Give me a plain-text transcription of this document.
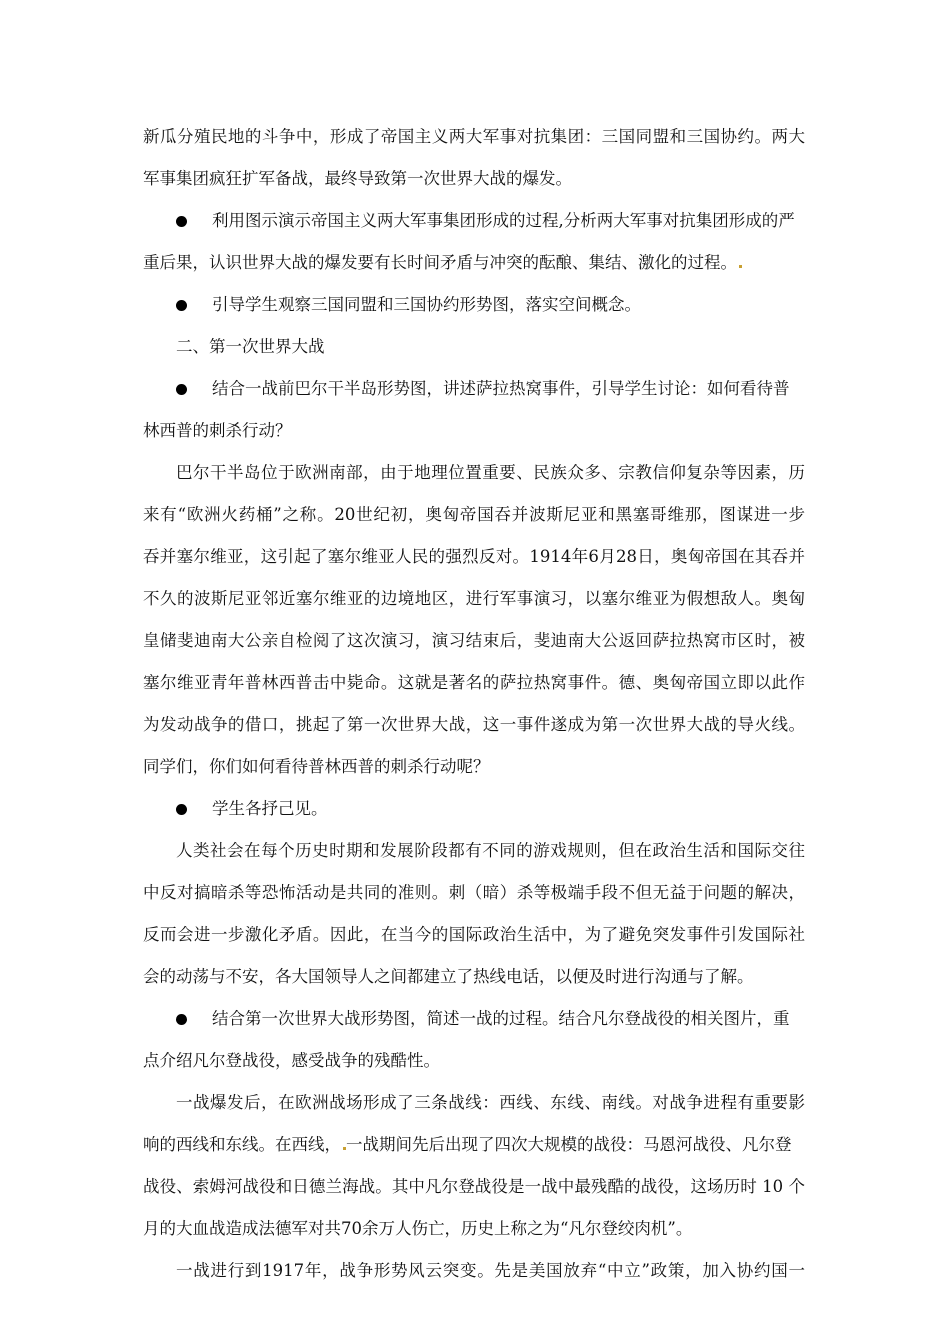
新瓜分殖民地的斗争中，形成了帝国主义两大军事对抗集团：三国同盟和三国协约。两大
军事集团疯狂扩军备战，最终导致第一次世界大战的爆发。
利用图示演示帝国主义两大军事集团形成的过程,分析两大军事对抗集团形成的严
重后果，认识世界大战的爆发要有长时间矛盾与冲突的酝酿、集结、激化的过程。
引导学生观察三国同盟和三国协约形势图，落实空间概念。
二、第一次世界大战
结合一战前巴尔干半岛形势图，讲述萨拉热窝事件，引导学生讨论：如何看待普
林西普的刺杀行动？
巴尔干半岛位于欧洲南部，由于地理位置重要、民族众多、宗教信仰复杂等因素，历
来有“欧洲火药桶”之称。20世纪初，奥匈帝国吞并波斯尼亚和黑塞哥维那，图谋进一步
吞并塞尔维亚，这引起了塞尔维亚人民的强烈反对。1914年6月28日，奥匈帝国在其吞并
不久的波斯尼亚邻近塞尔维亚的边境地区，进行军事演习，以塞尔维亚为假想敌人。奥匈
皇储斐迪南大公亲自检阅了这次演习，演习结束后，斐迪南大公返回萨拉热窝市区时，被
塞尔维亚青年普林西普击中毙命。这就是著名的萨拉热窝事件。德、奥匈帝国立即以此作
为发动战争的借口，挑起了第一次世界大战，这一事件遂成为第一次世界大战的导火线。
同学们，你们如何看待普林西普的刺杀行动呢？
学生各抒己见。
人类社会在每个历史时期和发展阶段都有不同的游戏规则，但在政治生活和国际交往
中反对搞暗杀等恐怖活动是共同的准则。刺（暗）杀等极端手段不但无益于问题的解决，
反而会进一步激化矛盾。因此，在当今的国际政治生活中，为了避免突发事件引发国际社
会的动荡与不安，各大国领导人之间都建立了热线电话，以便及时进行沟通与了解。
结合第一次世界大战形势图，简述一战的过程。结合凡尔登战役的相关图片，重
点介绍凡尔登战役，感受战争的残酷性。
一战爆发后，在欧洲战场形成了三条战线：西线、东线、南线。对战争进程有重要影
响的西线和东线。在西线， 一战期间先后出现了四次大规模的战役：马恩河战役、凡尔登
战役、索姆河战役和日德兰海战。其中凡尔登战役是一战中最残酷的战役，这场历时 10 个
月的大血战造成法德军对共70余万人伤亡，历史上称之为“凡尔登绞肉机”。
一战进行到1917年，战争形势风云突变。先是美国放弃“中立”政策，加入协约国一
